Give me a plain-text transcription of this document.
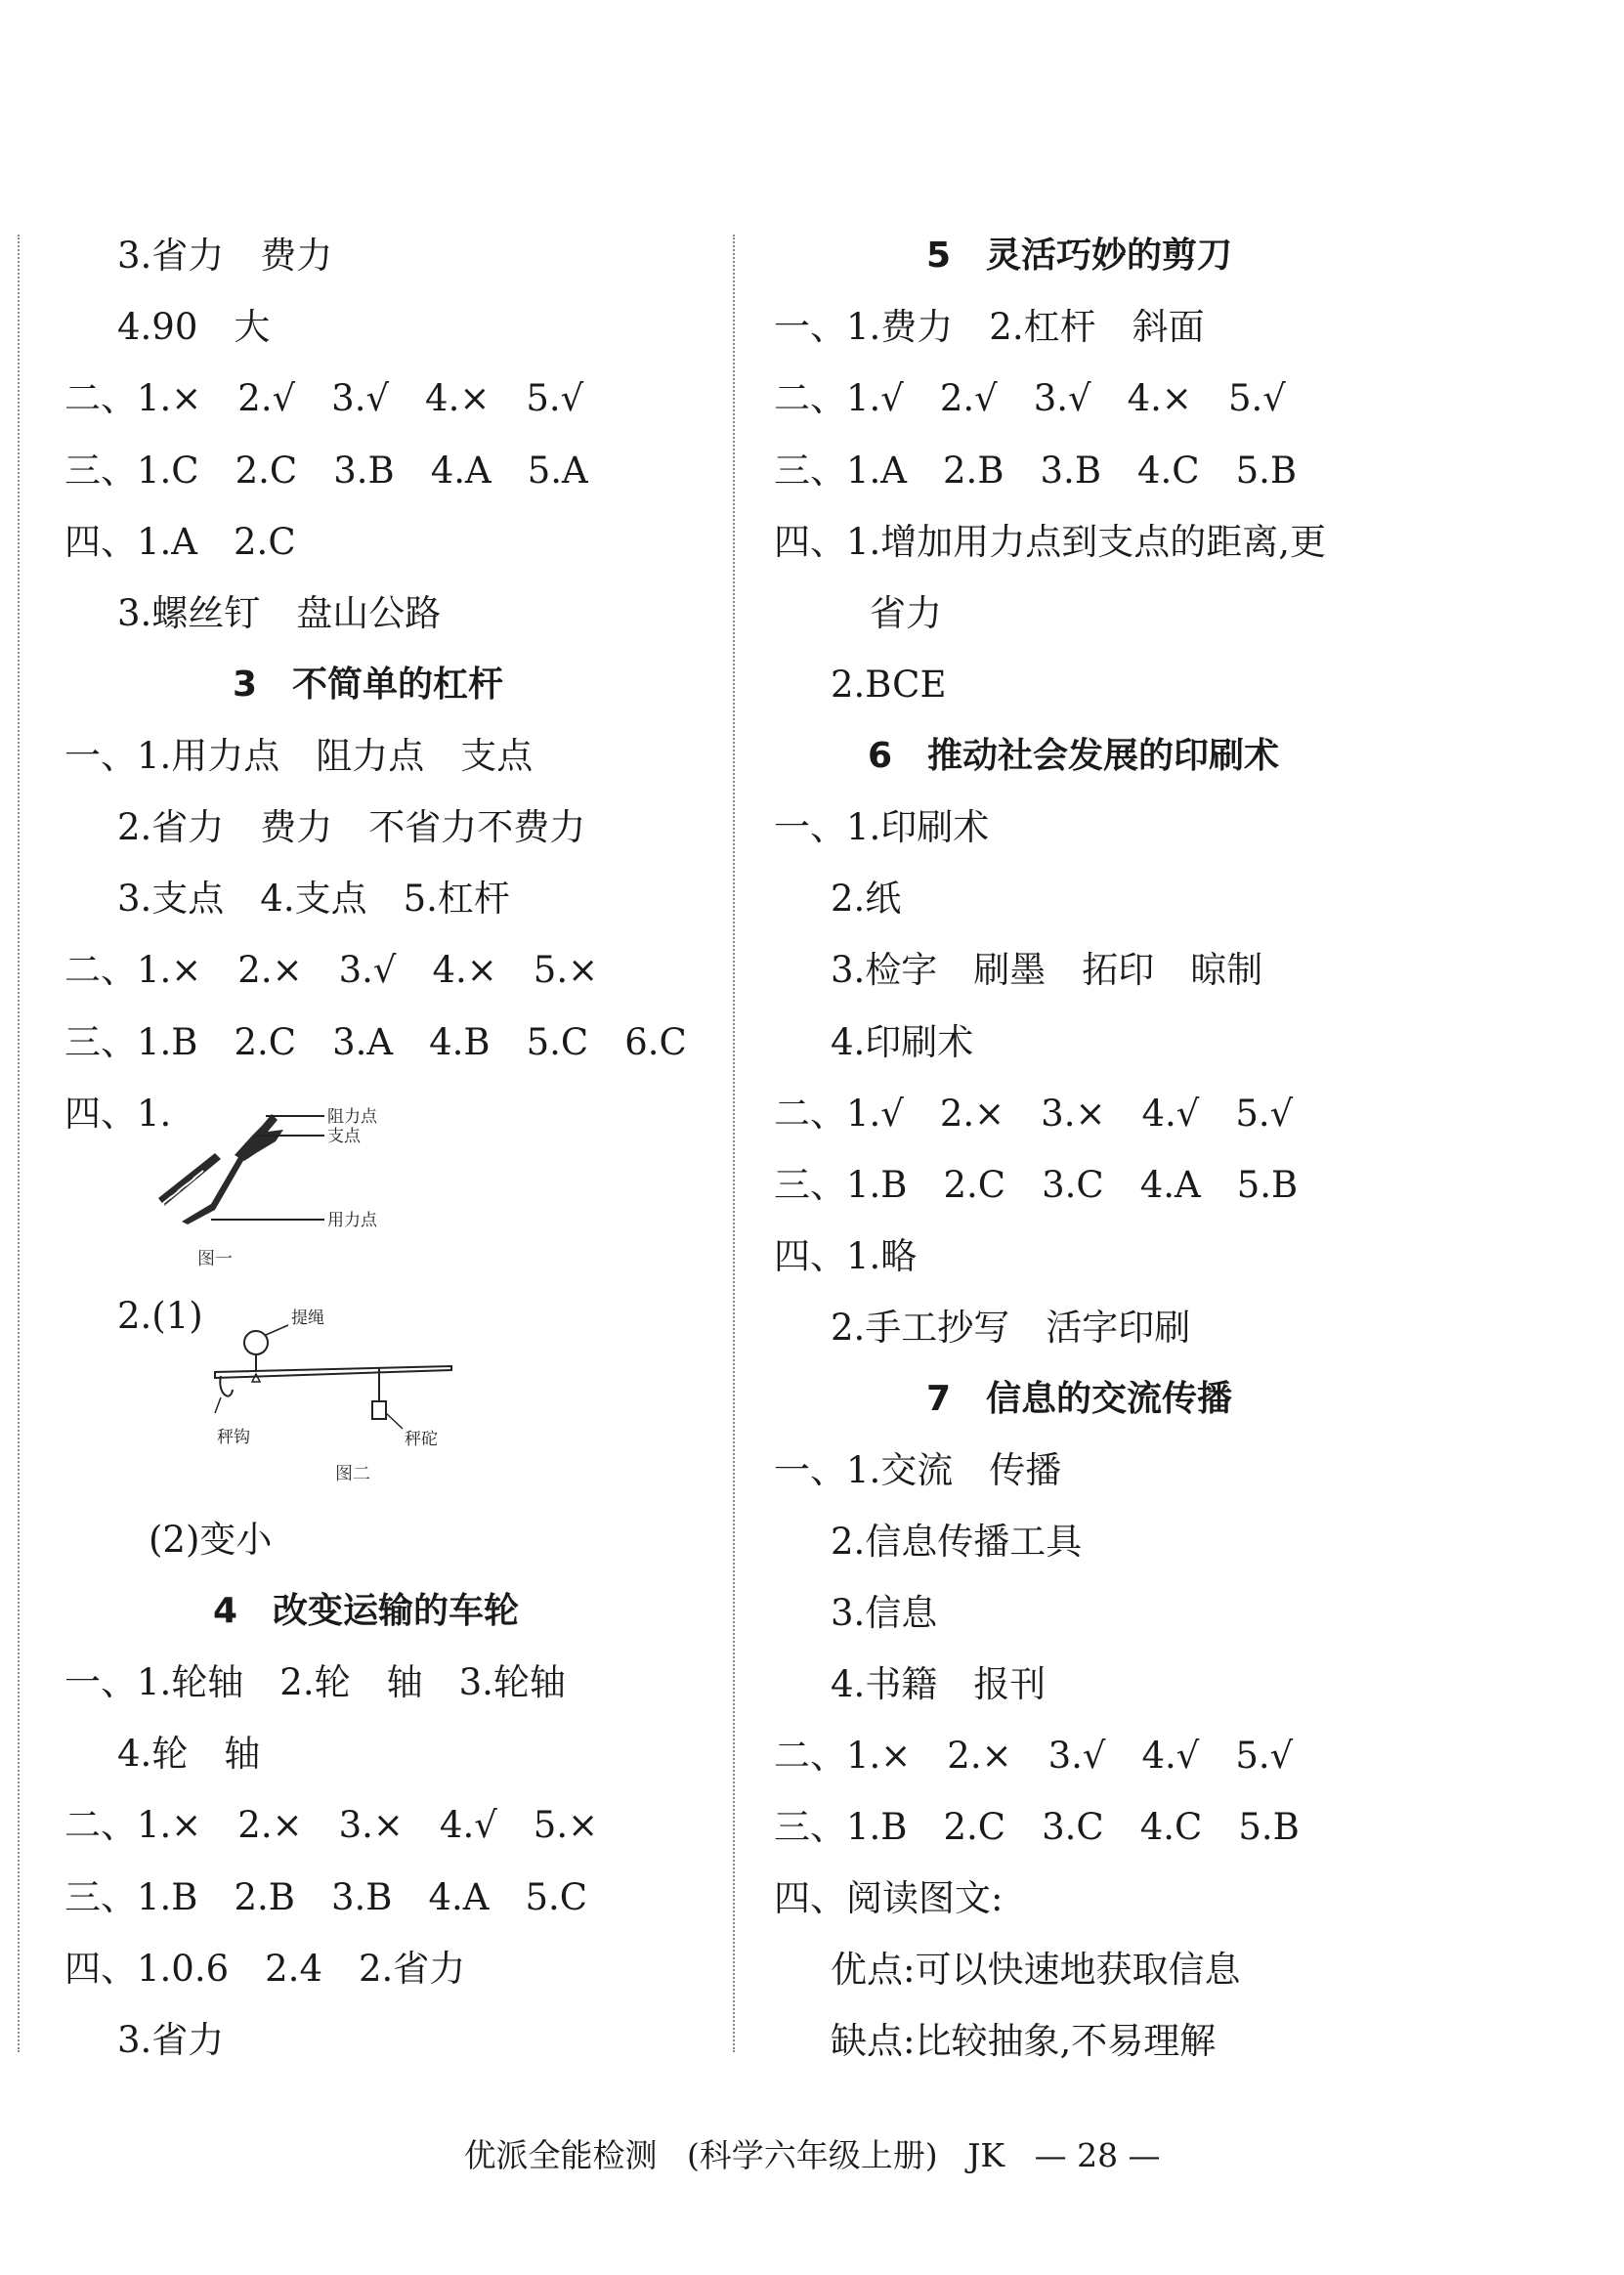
3.省力　费力
4.90　大
二、1.×　2.√　3.√　4.×　5.√
三、1.C　2.C　3.B　4.A　5.A
四、1.A　2.C
3.螺丝钉　盘山公路
3　不简单的杠杆
一、1.用力点　阻力点　支点
2.省力　费力　不省力不费力
3.支点　4.支点　5.杠杆
二、1.×　2.×　3.√　4.×　5.×
三、1.B　2.C　3.A　4.B　5.C　6.C
四、1.	阻力点
支点
用力点
图一
2.(1)	提绳
秤钩	秤砣
图二
(2)变小
4　改变运输的车轮
一、1.轮轴　2.轮　轴　3.轮轴
4.轮　轴
二、1.×　2.×　3.×　4.√　5.×
三、1.B　2.B　3.B　4.A　5.C
四、1.0.6　2.4　2.省力
3.省力
5　灵活巧妙的剪刀
一、1.费力　2.杠杆　斜面
二、1.√　2.√　3.√　4.×　5.√
三、1.A　2.B　3.B　4.C　5.B
四、1.增加用力点到支点的距离,更
省力
2.BCE
6　推动社会发展的印刷术
一、1.印刷术
2.纸
3.检字　刷墨　拓印　晾制
4.印刷术
二、1.√　2.×　3.×　4.√　5.√
三、1.B　2.C　3.C　4.A　5.B
四、1.略
2.手工抄写　活字印刷
7　信息的交流传播
一、1.交流　传播
2.信息传播工具
3.信息
4.书籍　报刊
二、1.×　2.×　3.√　4.√　5.√
三、1.B　2.C　3.C　4.C　5.B
四、阅读图文:
优点:可以快速地获取信息
缺点:比较抽象,不易理解
优派全能检测 (科学六年级上册) JK — 28 —
